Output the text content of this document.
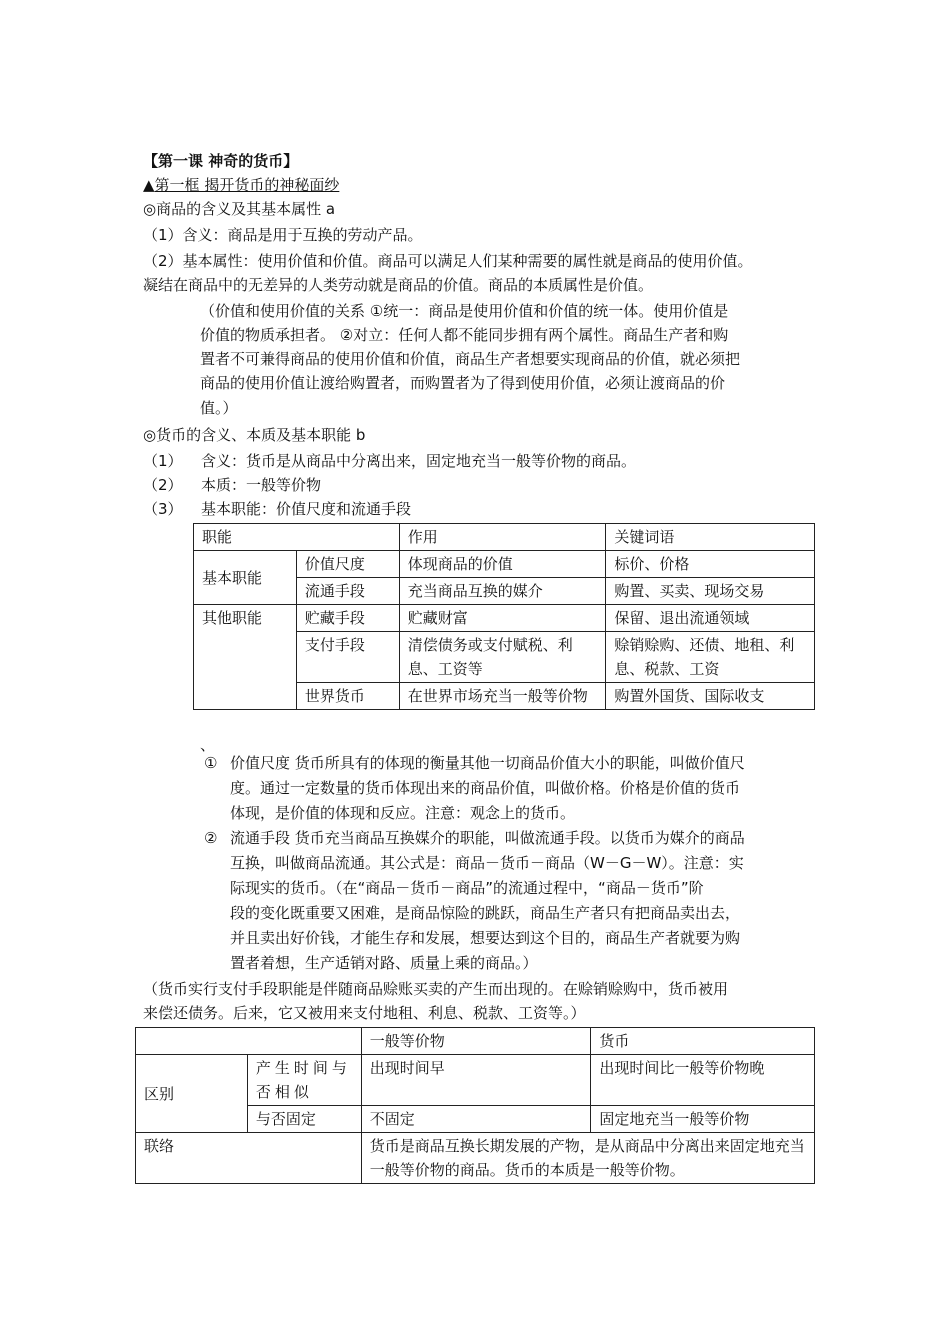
【第一课 神奇的货币】
▲第一框 揭开货币的神秘面纱
◎商品的含义及其基本属性 a
（1）含义：商品是用于互换的劳动产品。
（2）基本属性：使用价值和价值。商品可以满足人们某种需要的属性就是商品的使用价值。
凝结在商品中的无差异的人类劳动就是商品的价值。商品的本质属性是价值。
（价值和使用价值的关系 ①统一：商品是使用价值和价值的统一体。使用价值是
价值的物质承担者。 ②对立：任何人都不能同步拥有两个属性。商品生产者和购
置者不可兼得商品的使用价值和价值，商品生产者想要实现商品的价值，就必须把
商品的使用价值让渡给购置者，而购置者为了得到使用价值，必须让渡商品的价
值。）
◎货币的含义、本质及基本职能 b
（1） 含义：货币是从商品中分离出来，固定地充当一般等价物的商品。
（2） 本质：一般等价物
（3） 基本职能：价值尺度和流通手段
职能		作用	关键词语
基本职能	价值尺度	体现商品的价值	标价、价格
	流通手段	充当商品互换的媒介	购置、买卖、现场交易
其他职能	贮藏手段	贮藏财富	保留、退出流通领域
	支付手段	清偿债务或支付赋税、利息、工资等	赊销赊购、还债、地租、利息、税款、工资
	世界货币	在世界市场充当一般等价物	购置外国货、国际收支
、
① 价值尺度 货币所具有的体现的衡量其他一切商品价值大小的职能，叫做价值尺
度。通过一定数量的货币体现出来的商品价值，叫做价格。价格是价值的货币
体现，是价值的体现和反应。注意：观念上的货币。
② 流通手段 货币充当商品互换媒介的职能，叫做流通手段。以货币为媒介的商品
互换，叫做商品流通。其公式是：商品－货币－商品（W－G－W）。注意：实
际现实的货币。（在“商品－货币－商品”的流通过程中，“商品－货币”阶
段的变化既重要又困难，是商品惊险的跳跃，商品生产者只有把商品卖出去，
并且卖出好价钱，才能生存和发展，想要达到这个目的，商品生产者就要为购
置者着想，生产适销对路、质量上乘的商品。）
（货币实行支付手段职能是伴随商品赊账买卖的产生而出现的。在赊销赊购中，货币被用
来偿还债务。后来，它又被用来支付地租、利息、税款、工资等。）
		一般等价物	货币
区别	产生时间与否相似	出现时间早	出现时间比一般等价物晚
	与否固定	不固定	固定地充当一般等价物
联络		货币是商品互换长期发展的产物，是从商品中分离出来固定地充当一般等价物的商品。货币的本质是一般等价物。	
